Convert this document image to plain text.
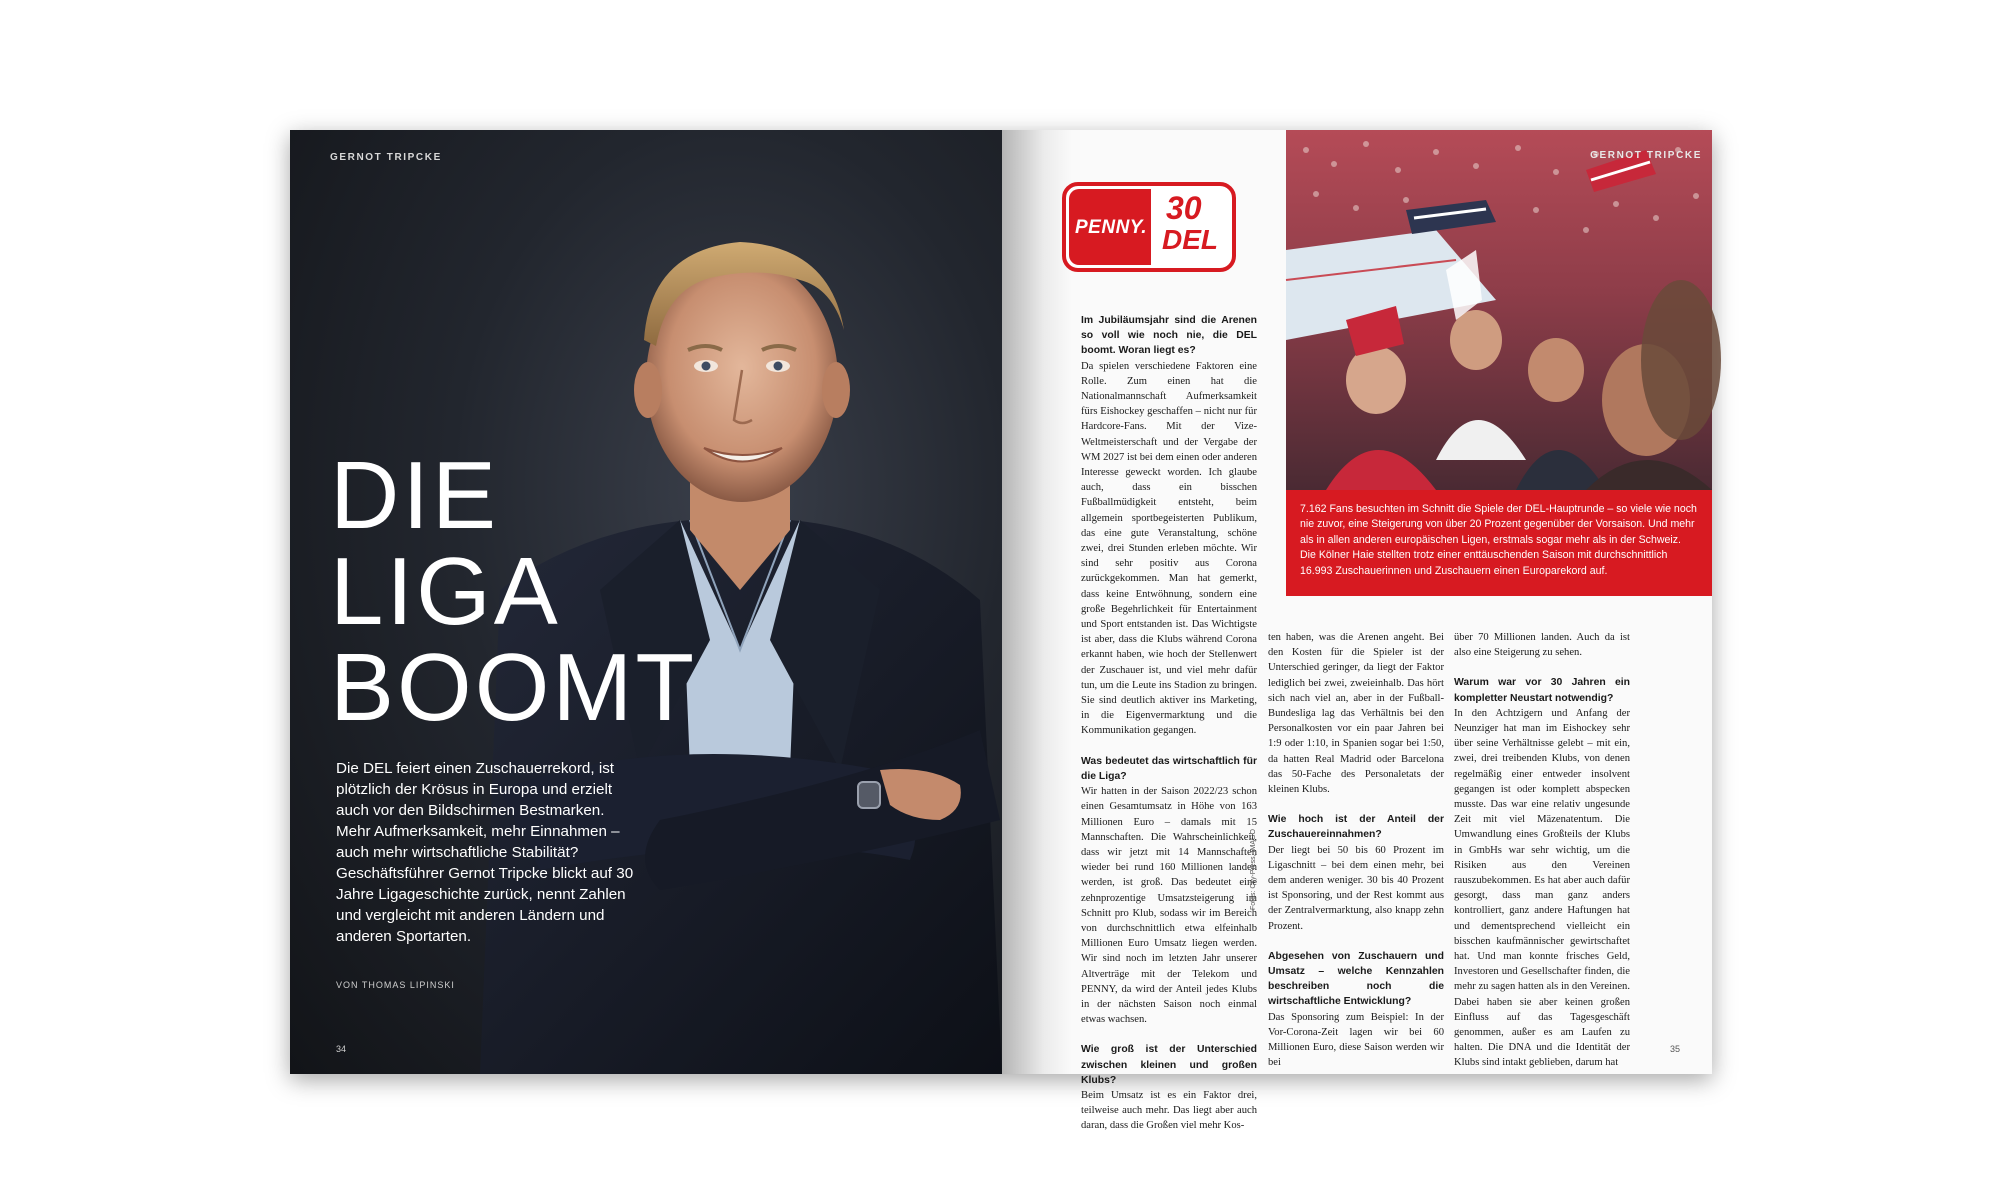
GERNOT TRIPCKE
DIE
LIGA
BOOMT
Die DEL feiert einen Zuschauerrekord, ist plötzlich der Krösus in Europa und erzielt auch vor den Bildschirmen Bestmarken. Mehr Aufmerksamkeit, mehr Einnahmen – auch mehr wirtschaftliche Stabilität? Geschäftsführer Gernot Tripcke blickt auf 30 Jahre Ligageschichte zurück, nennt Zahlen und vergleicht mit anderen Ländern und anderen Sportarten.
VON THOMAS LIPINSKI
34
PENNY.
30
DEL
GERNOT TRIPCKE
7.162 Fans besuchten im Schnitt die Spiele der DEL-Hauptrunde – so viele wie noch nie zuvor, eine Steigerung von über 20 Prozent gegenüber der Vorsaison. Und mehr als in allen anderen europäischen Ligen, erstmals sogar mehr als in der Schweiz. Die Kölner Haie stellten trotz einer enttäuschenden Saison mit durchschnittlich 16.993 Zuschauerinnen und Zuschauern einen Europarekord auf.

Im Jubiläumsjahr sind die Arenen so voll wie noch nie, die DEL boomt. Woran liegt es?

Da spielen verschiedene Faktoren eine Rolle. Zum einen hat die Nationalmannschaft Aufmerksamkeit fürs Eishockey geschaffen – nicht nur für Hardcore-Fans. Mit der Vize-Weltmeisterschaft und der Vergabe der WM 2027 ist bei dem einen oder anderen Interesse geweckt worden. Ich glaube auch, dass ein bisschen Fußballmüdigkeit entsteht, beim allgemein sportbegeisterten Publikum, das eine gute Veranstaltung, schöne zwei, drei Stunden erleben möchte. Wir sind sehr positiv aus Corona zurückgekommen. Man hat gemerkt, dass keine Entwöhnung, sondern eine große Begehrlichkeit für Entertainment und Sport entstanden ist. Das Wichtigste ist aber, dass die Klubs während Corona erkannt haben, wie hoch der Stellenwert der Zuschauer ist, und viel mehr dafür tun, um die Leute ins Stadion zu bringen. Sie sind deutlich aktiver ins Marketing, in die Eigenvermarktung und die Kommunikation gegangen.

Was bedeutet das wirtschaftlich für die Liga?

Wir hatten in der Saison 2022/23 schon einen Gesamtumsatz in Höhe von 163 Millionen Euro – damals mit 15 Mannschaften. Die Wahrscheinlichkeit, dass wir jetzt mit 14 Mannschaften wieder bei rund 160 Millionen landen werden, ist groß. Das bedeutet eine zehnprozentige Umsatzsteigerung im Schnitt pro Klub, sodass wir im Bereich von durchschnittlich etwa elfeinhalb Millionen Euro Umsatz liegen werden. Wir sind noch im letzten Jahr unserer Altverträge mit der Telekom und PENNY, da wird der Anteil jedes Klubs in der nächsten Saison noch einmal etwas wachsen.

Wie groß ist der Unterschied zwischen kleinen und großen Klubs?

Beim Umsatz ist es ein Faktor drei, teilweise auch mehr. Das liegt aber auch daran, dass die Großen viel mehr Kos-

ten haben, was die Arenen angeht. Bei den Kosten für die Spieler ist der Unterschied geringer, da liegt der Faktor lediglich bei zwei, zweieinhalb. Das hört sich nach viel an, aber in der Fußball-Bundesliga lag das Verhältnis bei den Personalkosten vor ein paar Jahren bei 1:9 oder 1:10, in Spanien sogar bei 1:50, da hatten Real Madrid oder Barcelona das 50-Fache des Personaletats der kleinen Klubs.

Wie hoch ist der Anteil der Zuschauereinnahmen?

Der liegt bei 50 bis 60 Prozent im Ligaschnitt – bei dem einen mehr, bei dem anderen weniger. 30 bis 40 Prozent ist Sponsoring, und der Rest kommt aus der Zentralvermarktung, also knapp zehn Prozent.

Abgesehen von Zuschauern und Umsatz – welche Kennzahlen beschreiben noch die wirtschaftliche Entwicklung?

Das Sponsoring zum Beispiel: In der Vor-Corona-Zeit lagen wir bei 60 Millionen Euro, diese Saison werden wir bei

über 70 Millionen landen. Auch da ist also eine Steigerung zu sehen.

Warum war vor 30 Jahren ein kompletter Neustart notwendig?

In den Achtzigern und Anfang der Neunziger hat man im Eishockey sehr über seine Verhältnisse gelebt – mit ein, zwei, drei treibenden Klubs, von denen regelmäßig einer entweder insolvent gegangen ist oder komplett abspecken musste. Das war eine relativ ungesunde Zeit mit viel Mäzenatentum. Die Umwandlung eines Großteils der Klubs in GmbHs war sehr wichtig, um die Risiken aus den Vereinen rauszubekommen. Es hat aber auch dafür gesorgt, dass man ganz anders kontrolliert, ganz andere Haftungen hat und dementsprechend vielleicht ein bisschen kaufmännischer gewirtschaftet hat. Und man konnte frisches Geld, Investoren und Gesellschafter finden, die mehr zu sagen hatten als in den Vereinen. Dabei haben sie aber keinen großen Einfluss auf das Tagesgeschäft genommen, außer es am Laufen zu halten. Die DNA und die Identität der Klubs sind intakt geblieben, darum hat

Fotos: City-Press, IMAGO
35
